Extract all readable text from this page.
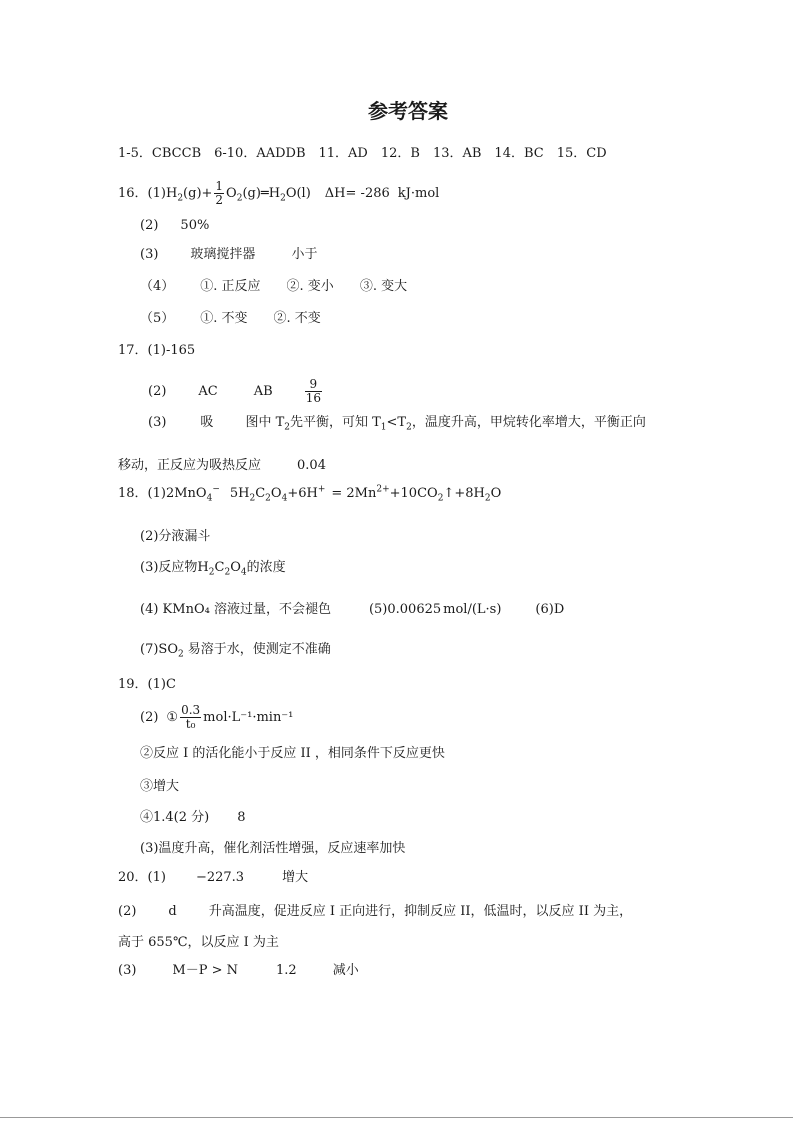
参考答案
1-5．CBCCB　6-10．AADDB　11．AD　12．B　13．AB　14．BC　15．CD
16．$(1)H_2(g)+ \frac{1}{2}$ $O_2(g)═H_2O(l)$ ΔH= -286 kJ·mol
(2) 50%
(3) 玻璃搅拌器	小于
（4） ①. 正反应 ②. 变小 ③. 变大
（5） ①. 不变 ②. 不变
17．(1)-165
(2) AC	AB	$\frac{9}{16}$
(3)	吸 图中 $T_2$先平衡，可知 $T_1<T_2$，温度升高，甲烷转化率增大，平衡正向
移动，正反应为吸热反应	0.04
18．(1)2MnO$_4$− $5H_2C_2O_4+6H^+$ = $2Mn^{2+}+10CO_2↑+8H_2O$
(2)分液漏斗
(3)反应物$H_2C_2O_4$的浓度
(4) KMnO₄ 溶液过量，不会褪色	(5)0.00625 mol/(L·s)	(6)D
$(7)SO_2$ 易溶于水，使测定不准确
19．(1)C
(2) ① $\frac{0.3}{\text{t₀}} mol\cdot L^{-1}\cdot\min^{-1}$
②反应 I 的活化能小于反应 II ，相同条件下反应更快
③增大
④1.4(2 分) 8
(3)温度升高，催化剂活性增强，反应速率加快
20．(1) −227.3	增大
(2) d 升高温度，促进反应 I 正向进行，抑制反应 II，低温时，以反应 II 为主，
高于 655℃，以反应 I 为主
(3)	M－P > N	1.2	减小
